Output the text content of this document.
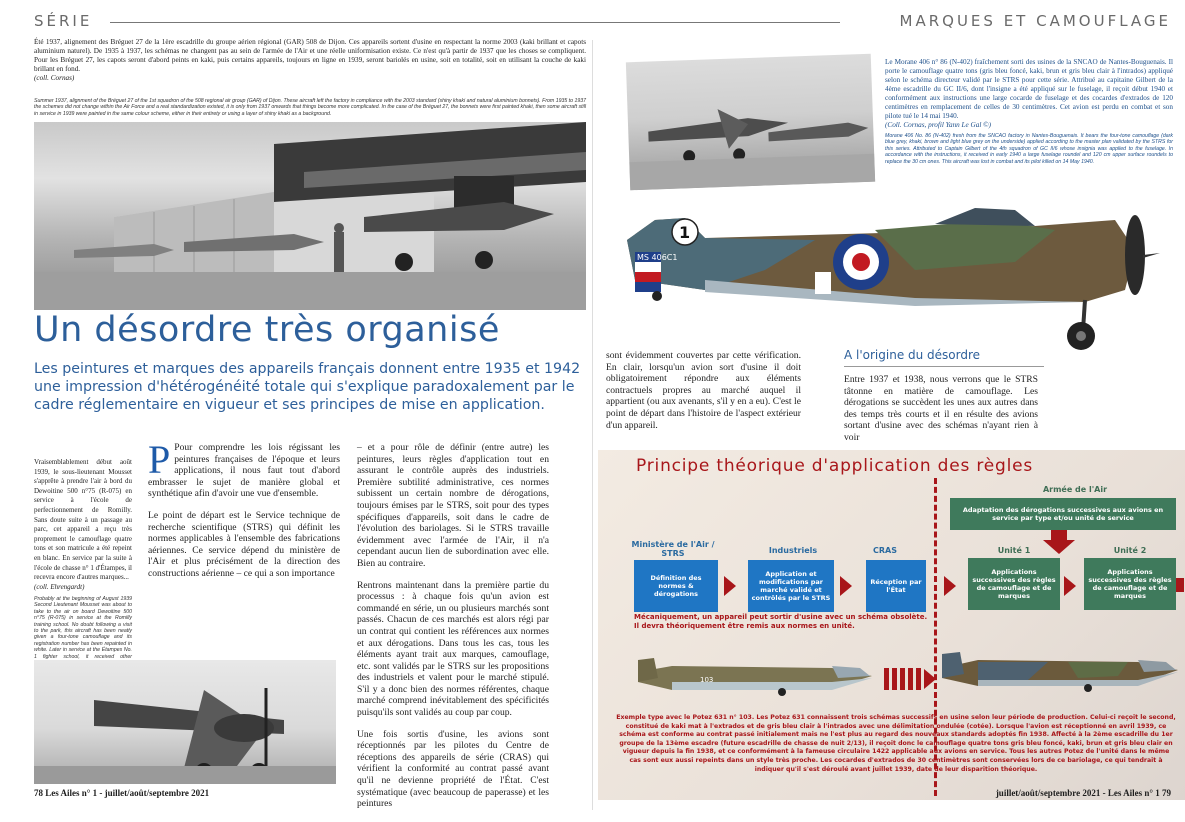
SÉRIE	MARQUES ET CAMOUFLAGE
Été 1937, alignement des Bréguet 27 de la 1ère escadrille du groupe aérien régional (GAR) 508 de Dijon. Ces appareils sortent d'usine en respectant la norme 2003 (kaki brillant et capots aluminium naturel). De 1935 à 1937, les schémas ne changent pas au sein de l'armée de l'Air et une réelle uniformisation existe. Ce n'est qu'à partir de 1937 que les choses se compliquent. Pour les Bréguet 27, les capots seront d'abord peints en kaki, puis certains appareils, toujours en ligne en 1939, seront bariolés en usine, soit en totalité, soit en utilisant la couche de kaki brillant en fond.
(coll. Cornas)
Summer 1937, alignment of the Bréguet 27 of the 1st squadron of the 508 regional air group (GAR) of Dijon. These aircraft left the factory in compliance with the 2003 standard (shiny khaki and natural aluminium bonnets). From 1935 to 1937 the schemes did not change within the Air Force and a real standardization existed, it is only from 1937 onwards that things become more complicated. In the case of the Bréguet 27, the bonnets were first painted khaki, then some aircraft still in service in 1939 were painted in the same colour scheme, either in their entirety or using a layer of shiny khaki as a background.
Un désordre très organisé
Les peintures et marques des appareils français donnent entre 1935 et 1942 une impression d'hétérogénéité totale qui s'explique paradoxalement par le cadre réglementaire en vigueur et ses principes de mise en application.
Vraisemblablement début août 1939, le sous-lieutenant Mousset s'apprête à prendre l'air à bord du Dewoitine 500 n°75 (R-075) en service à l'école de perfectionnement de Romilly. Sans doute suite à un passage au parc, cet appareil a reçu très proprement le camouflage quatre tons et son matricule a été repeint en blanc. En service par la suite à l'école de chasse n° 1 d'Étampes, il recevra encore d'autres marques...
(coll. Ehrengardt)
Probably at the beginning of August 1939 Second Lieutenant Mousset was about to take to the air on board Dewoitine 500 n°75 (R-075) in service at the Romilly training school. No doubt following a visit to the park, this aircraft has been neatly given a four-tone camouflage and its registration number has been repainted in white. Later in service at the Étampes No. 1 fighter school, it received other

P Pour comprendre les lois régissant les peintures françaises de l'époque et leurs applications, il nous faut tout d'abord embrasser le sujet de manière global et synthétique afin d'avoir une vue d'ensemble.

Le point de départ est le Service technique de recherche scientifique (STRS) qui définit les normes applicables à l'ensemble des fabrications aériennes. Ce service dépend du ministère de l'Air et plus précisément de la direction des constructions aérienne – ce qui a son importance

– et a pour rôle de définir (entre autre) les peintures, leurs règles d'application tout en assurant le contrôle auprès des industriels. Première subtilité administrative, ces normes subissent un certain nombre de dérogations, toujours émises par le STRS, soit pour des types spécifiques d'appareils, soit dans le cadre de l'évolution des bariolages. Si le STRS travaille évidemment avec l'armée de l'Air, il n'a cependant aucun lien de subordination avec elle. Bien au contraire.

Rentrons maintenant dans la première partie du processus : à chaque fois qu'un avion est commandé en série, un ou plusieurs marchés sont passés. Chacun de ces marchés est alors régi par un contrat qui contient les références aux normes et aux dérogations. Dans tous les cas, tous les éléments ayant trait aux marques, camouflage, etc. sont validés par le STRS sur les propositions des industriels et valent pour le marché stipulé. S'il y a donc bien des normes référentes, chaque marché comprend inévitablement des spécificités puisqu'ils sont validés au coup par coup.

Une fois sortis d'usine, les avions sont réceptionnés par les pilotes du Centre de réceptions des appareils de série (CRAS) qui vérifient la conformité au contrat passé avant qu'il ne devienne propriété de l'État. C'est systématique (avec beaucoup de paperasse) et les peintures

78 Les Ailes n° 1 - juillet/août/septembre 2021
Le Morane 406 n° 86 (N-402) fraîchement sorti des usines de la SNCAO de Nantes-Bouguenais. Il porte le camouflage quatre tons (gris bleu foncé, kaki, brun et gris bleu clair à l'intrados) appliqué selon le schéma directeur validé par le STRS pour cette série. Attribué au capitaine Gilbert de la 4ème escadrille du GC II/6, dont l'insigne a été appliqué sur le fuselage, il reçoit début 1940 et conformément aux instructions une large cocarde de fuselage et des cocardes d'extrados de 120 centimètres en remplacement de celles de 30 centimètres. Cet avion est perdu en combat et son pilote tué le 14 mai 1940.
(Coll. Cornas, profil Yann Le Gal ©)
Morane 406 No. 86 (N-402) fresh from the SNCAO factory in Nantes-Bouguenais. It bears the four-tone camouflage (dark blue grey, khaki, brown and light blue grey on the underside) applied according to the master plan validated by the STRS for this series. Attributed to Captain Gilbert of the 4th squadron of GC II/6 whose insignia was applied to the fuselage. In accordance with the instructions, it received in early 1940 a large fuselage roundel and 120 cm upper surface roundels to replace the 30 cm ones. This aircraft was lost in combat and its pilot killed on 14 May 1940.
1
MS 406C1

sont évidemment couvertes par cette vérification. En clair, lorsqu'un avion sort d'usine il doit obligatoirement répondre aux éléments contractuels propres au marché auquel il appartient (ou aux avenants, s'il y en a eu). C'est le point de départ dans l'histoire de l'aspect extérieur d'un appareil.

A l'origine du désordre

Entre 1937 et 1938, nous verrons que le STRS tâtonne en matière de camouflage. Les dérogations se succèdent les unes aux autres dans des temps très courts et il en résulte des avions sortant d'usine avec des schémas n'ayant rien à voir

Principe théorique d'application des règles
Armée de l'Air
Adaptation des dérogations successives aux avions en service par type et/ou unité de service
Ministère de l'Air / STRS	Industriels	CRAS	Unité 1	Unité 2
Définition des normes & dérogations
Application et modifications par marché validé et contrôlés par le STRS
Réception par l'État
Applications successives des règles de camouflage et de marques
Applications successives des règles de camouflage et de marques
Mécaniquement, un appareil peut sortir d'usine avec un schéma obsolète. Il devra théoriquement être remis aux normes en unité.
103
Exemple type avec le Potez 631 n° 103. Les Potez 631 connaissent trois schémas successifs en usine selon leur période de production. Celui-ci reçoit le second, constitué de kaki mat à l'extrados et de gris bleu clair à l'intrados avec une délimitation ondulée (cotée). Lorsque l'avion est réceptionné en avril 1939, ce schéma est conforme au contrat passé initialement mais ne l'est plus au regard des nouveaux standards adoptés fin 1938. Affecté à la 2ème escadrille du 1er groupe de la 13ème escadre (future escadrille de chasse de nuit 2/13), il reçoit donc le camouflage quatre tons gris bleu foncé, kaki, brun et gris bleu clair en vigueur depuis la fin 1938, et ce conformément à la fameuse circulaire 1422 applicable aux avions en service. Tous les autres Potez de l'unité dans le même cas sont eux aussi repeints dans un style très proche. Les cocardes d'extrados de 30 centimètres sont conservées lors de ce bariolage, ce qui tendrait à indiquer qu'il s'est déroulé avant juillet 1939, date de leur disparition théorique.
juillet/août/septembre 2021 - Les Ailes n° 1 79
